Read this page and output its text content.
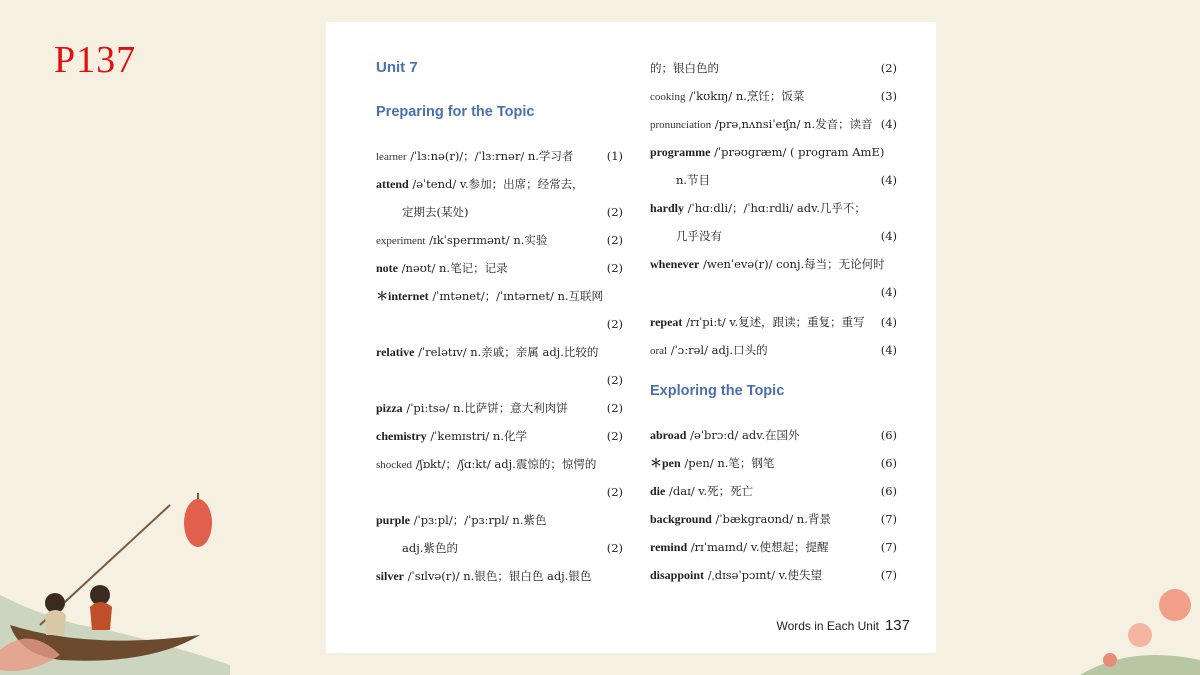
P137	Unit 7
Preparing for the Topic
learner /ˈlɜːnə(r)/；/ˈlɜːrnər/ n.学习者	(1)
attend /əˈtend/ v.参加；出席；经常去，
定期去(某处)	(2)
experiment /ɪkˈsperɪmənt/ n.实验	(2)
note /nəʊt/ n.笔记；记录	(2)
＊internet /ˈɪntənet/；/ˈɪntərnet/ n.互联网
(2)
relative /ˈrelətɪv/ n.亲戚；亲属 adj.比较的
(2)
pizza /ˈpiːtsə/ n.比萨饼；意大利肉饼	(2)
chemistry /ˈkemɪstri/ n.化学	(2)
shocked /ʃɒkt/；/ʃɑːkt/ adj.震惊的；惊愕的
(2)
purple /ˈpɜːpl/；/ˈpɜːrpl/ n.紫色
adj.紫色的	(2)
silver /ˈsɪlvə(r)/ n.银色；银白色 adj.银色
的；银白色的	(2)
cooking /ˈkʊkɪŋ/ n.烹饪；饭菜	(3)
pronunciation /prəˌnʌnsiˈeɪʃn/ n.发音；读音 (4)
programme /ˈprəʊɡræm/ ( program AmE)
n.节目	(4)
hardly /ˈhɑːdli/；/ˈhɑːrdli/ adv.几乎不；
几乎没有	(4)
whenever /wenˈevə(r)/ conj.每当；无论何时
(4)
repeat /rɪˈpiːt/ v.复述，跟读；重复；重写 (4)
oral /ˈɔːrəl/ adj.口头的	(4)
Exploring the Topic
abroad /əˈbrɔːd/ adv.在国外	(6)
＊pen /pen/ n.笔；钢笔	(6)
die /daɪ/ v.死；死亡	(6)
background /ˈbækɡraʊnd/ n.背景	(7)
remind /rɪˈmaɪnd/ v.使想起；提醒	(7)
disappoint /ˌdɪsəˈpɔɪnt/ v.使失望	(7)
Words in Each Unit 137
